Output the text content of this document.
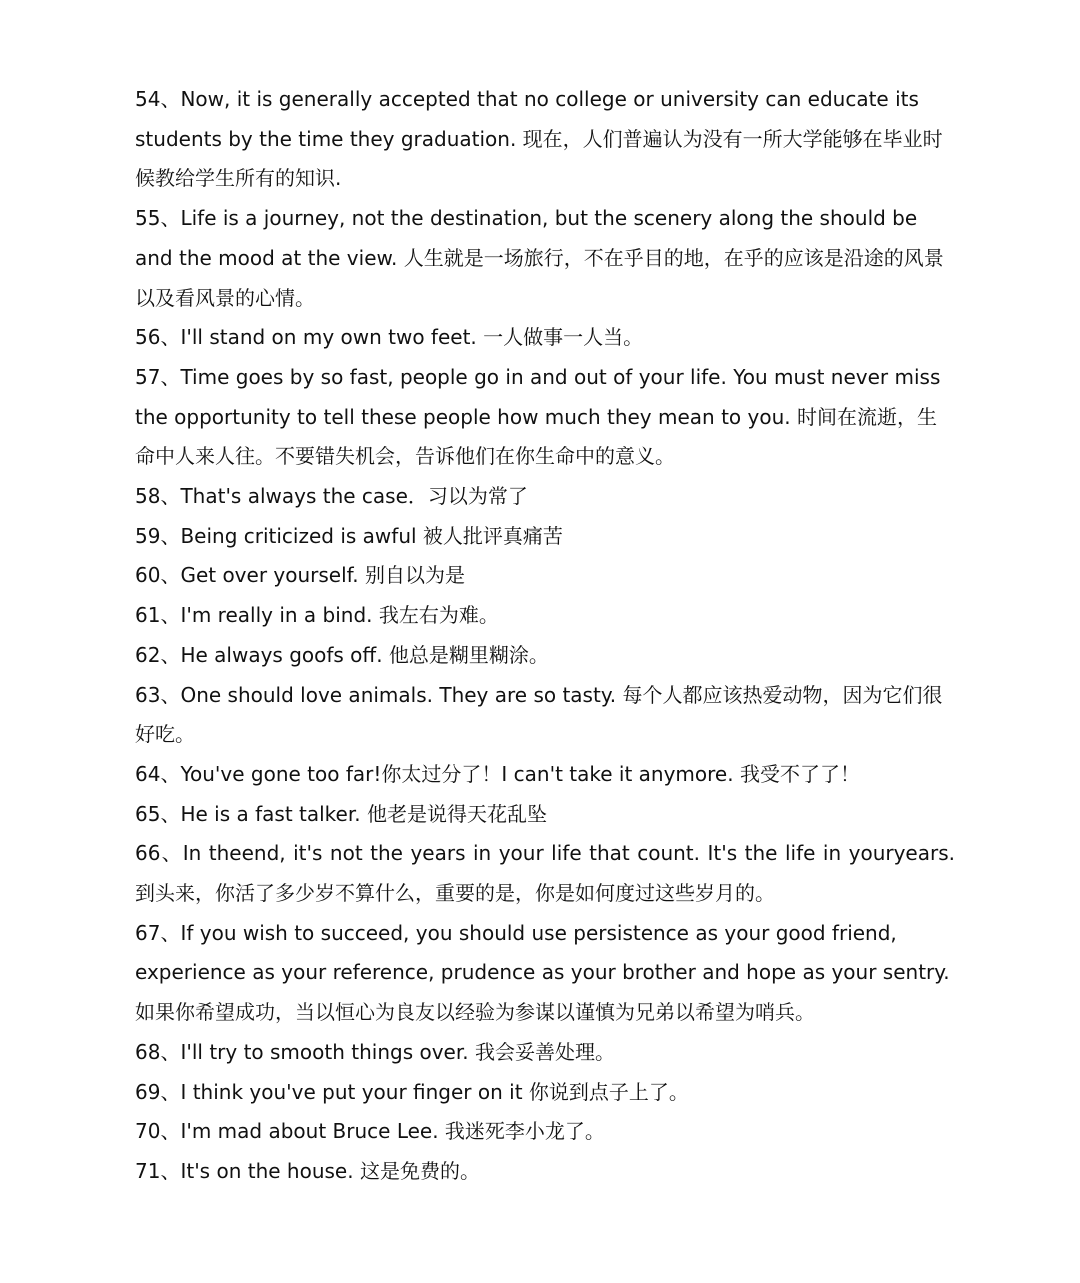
54、Now, it is generally accepted that no college or university can educate its students by the time they graduation. 现在，人们普遍认为没有一所大学能够在毕业时候教给学生所有的知识.

55、Life is a journey, not the destination, but the scenery along the should be and the mood at the view. 人生就是一场旅行，不在乎目的地，在乎的应该是沿途的风景以及看风景的心情。

56、I'll stand on my own two feet. 一人做事一人当。

57、Time goes by so fast, people go in and out of your life. You must never miss the opportunity to tell these people how much they mean to you. 时间在流逝，生命中人来人往。不要错失机会，告诉他们在你生命中的意义。

58、That's always the case．习以为常了

59、Being criticized is awful 被人批评真痛苦

60、Get over yourself. 别自以为是

61、I'm really in a bind. 我左右为难。

62、He always goofs off. 他总是糊里糊涂。

63、One should love animals. They are so tasty. 每个人都应该热爱动物，因为它们很好吃。

64、You've gone too far!你太过分了！I can't take it anymore. 我受不了了！

65、He is a fast talker. 他老是说得天花乱坠

66、In theend, it's not the years in your life that count. It's the life in youryears. 到头来，你活了多少岁不算什么，重要的是，你是如何度过这些岁月的。

67、If you wish to succeed, you should use persistence as your good friend, experience as your reference, prudence as your brother and hope as your sentry. 如果你希望成功，当以恒心为良友以经验为参谋以谨慎为兄弟以希望为哨兵。

68、I'll try to smooth things over. 我会妥善处理。

69、I think you've put your finger on it 你说到点子上了。

70、I'm mad about Bruce Lee. 我迷死李小龙了。

71、It's on the house. 这是免费的。
